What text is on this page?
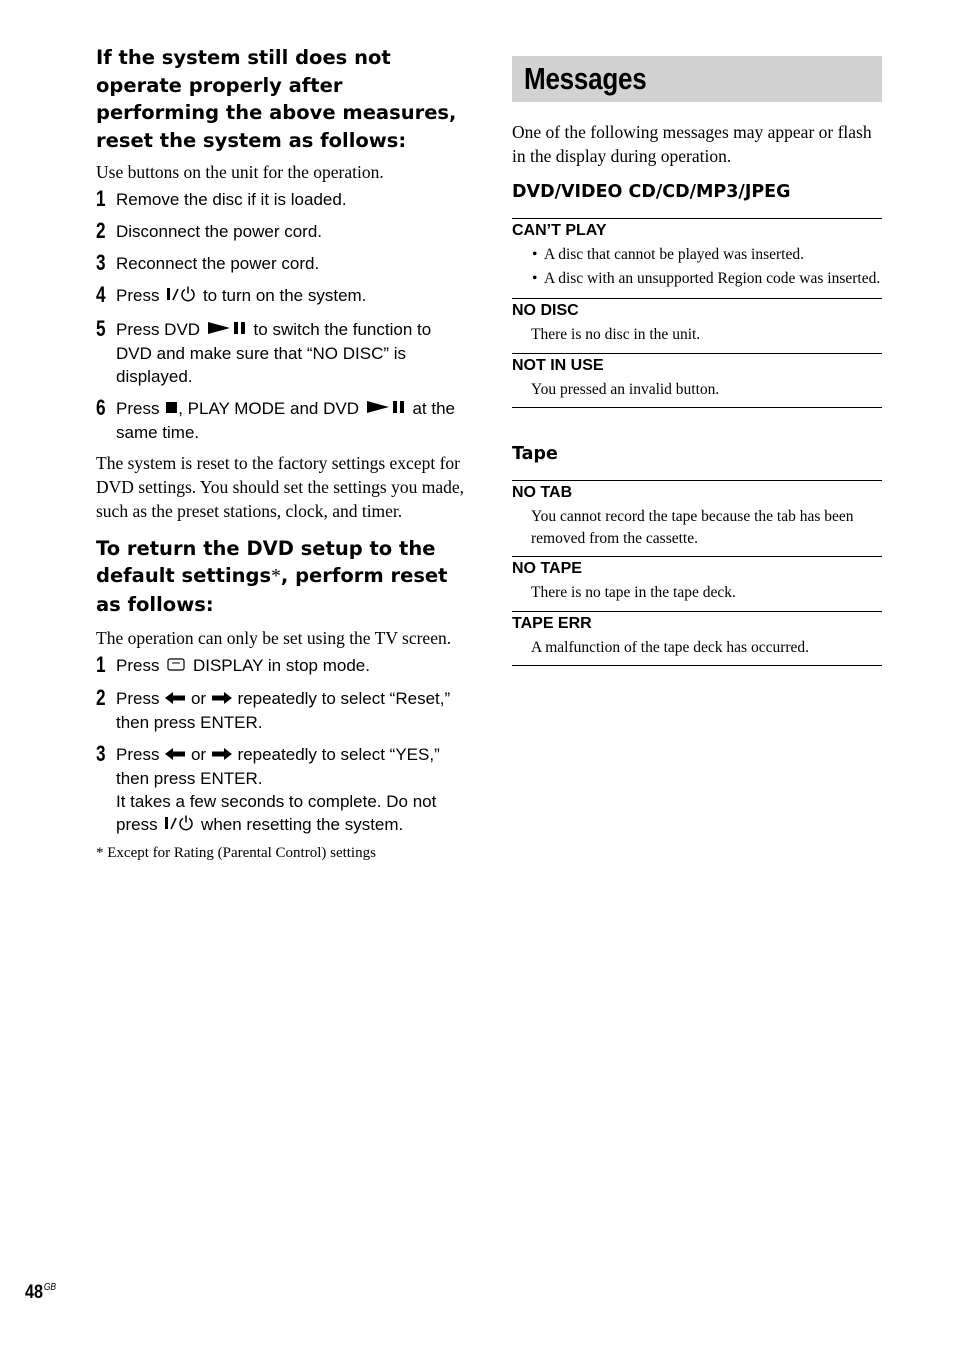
If the system still does not operate properly after performing the above measures, reset the system as follows:

Use buttons on the unit for the operation.

1 Remove the disc if it is loaded.
2 Disconnect the power cord.
3 Reconnect the power cord.
4 Press	to turn on the system.
5 Press DVD	to switch the function to DVD and make sure that “NO DISC” is displayed.
6 Press , PLAY MODE and DVD	at the same time.

The system is reset to the factory settings except for DVD settings. You should set the settings you made, such as the preset stations, clock, and timer.

To return the DVD setup to the default settings*, perform reset as follows:

The operation can only be set using the TV screen.

1 Press DISPLAY in stop mode.
2 Press or repeatedly to select “Reset,” then press ENTER.
3 Press or repeatedly to select “YES,” then press ENTER.
It takes a few seconds to complete. Do not press	when resetting the system.

* Except for Rating (Parental Control) settings

Messages

One of the following messages may appear or flash in the display during operation.

DVD/VIDEO CD/CD/MP3/JPEG

CAN’T PLAY

• A disc that cannot be played was inserted.
• A disc with an unsupported Region code was inserted.

NO DISC

There is no disc in the unit.

NOT IN USE

You pressed an invalid button.

Tape

NO TAB

You cannot record the tape because the tab has been removed from the cassette.

NO TAPE

There is no tape in the tape deck.

TAPE ERR

A malfunction of the tape deck has occurred.

$48^{GB}$
